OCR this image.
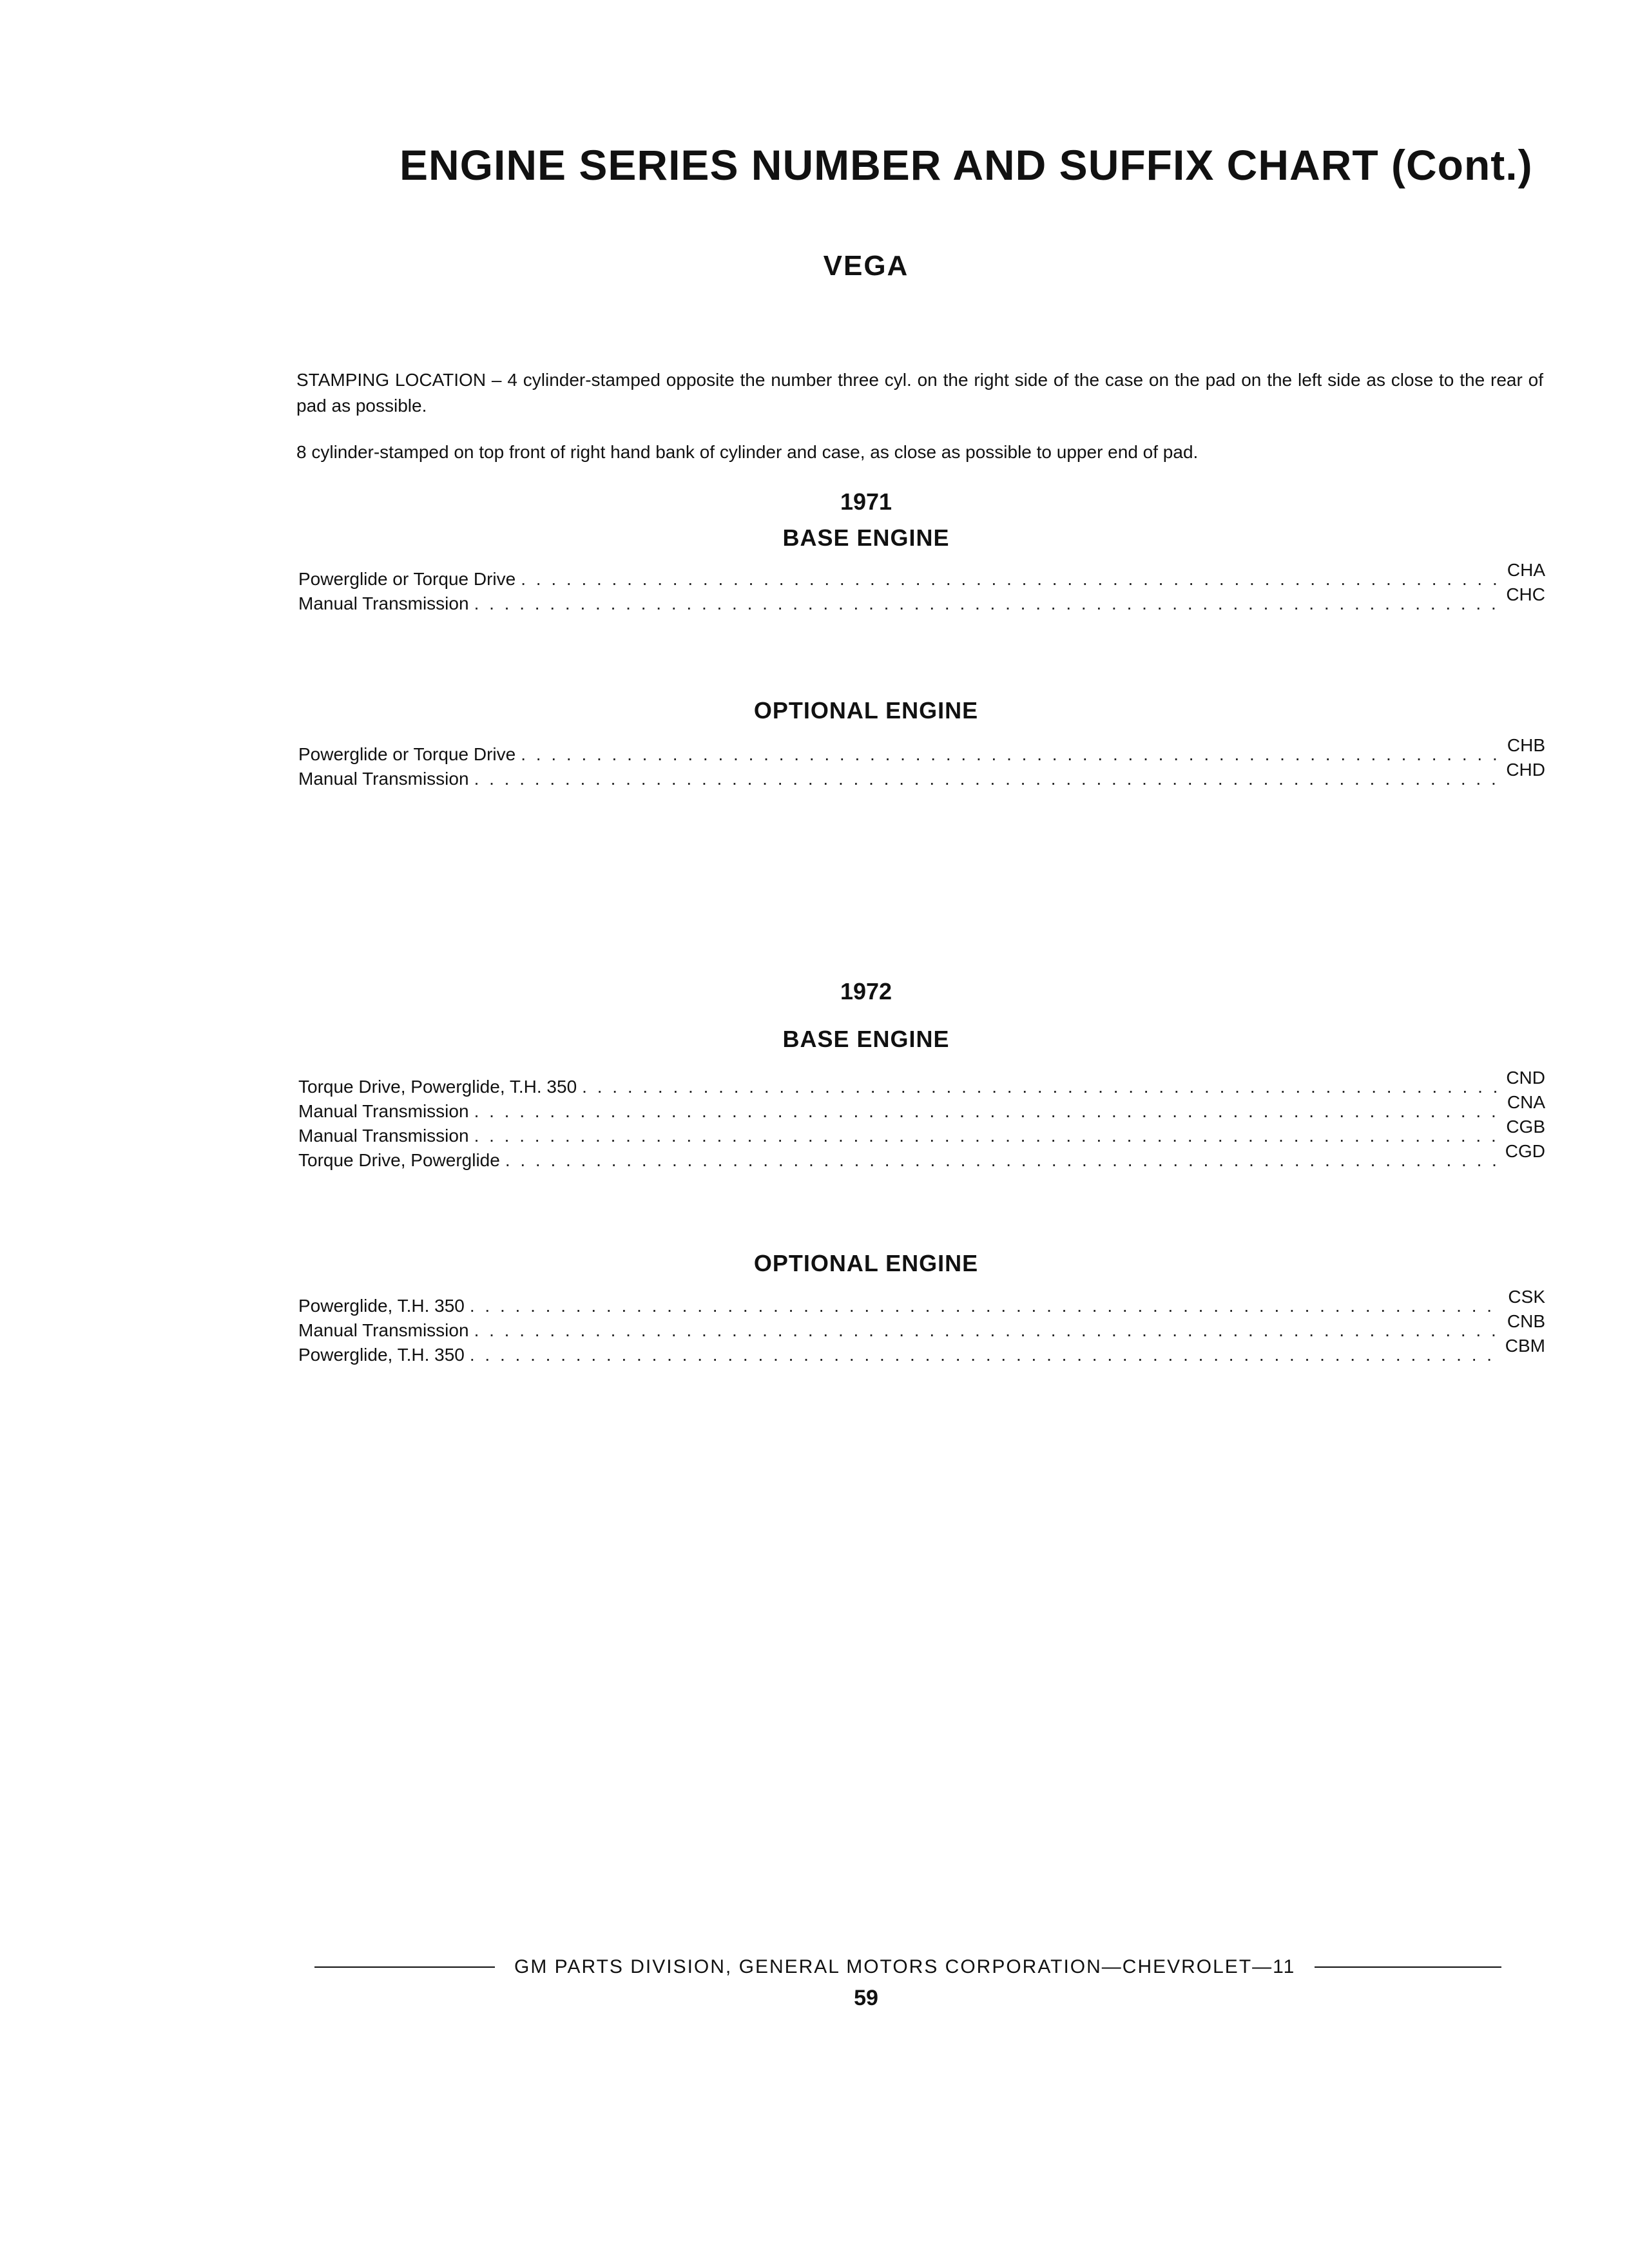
ENGINE SERIES NUMBER AND SUFFIX CHART (Cont.)
VEGA
STAMPING LOCATION – 4 cylinder-stamped opposite the number three cyl. on the right side of the case on the pad on the left side as close to the rear of pad as possible.
8 cylinder-stamped on top front of right hand bank of cylinder and case, as close as possible to upper end of pad.
1971
BASE ENGINE
Powerglide or Torque Drive . . .	CHA
Manual Transmission . . .	CHC
OPTIONAL ENGINE
Powerglide or Torque Drive . . .	CHB
Manual Transmission . . .	CHD
1972
BASE ENGINE
Torque Drive, Powerglide, T.H. 350 . . .	CND
Manual Transmission . . .	CNA
Manual Transmission . . .	CGB
Torque Drive, Powerglide . . .	CGD
OPTIONAL ENGINE
Powerglide, T.H. 350 . . .	CSK
Manual Transmission . . .	CNB
Powerglide, T.H. 350 . . .	CBM
GM PARTS DIVISION, GENERAL MOTORS CORPORATION—CHEVROLET—11
59
